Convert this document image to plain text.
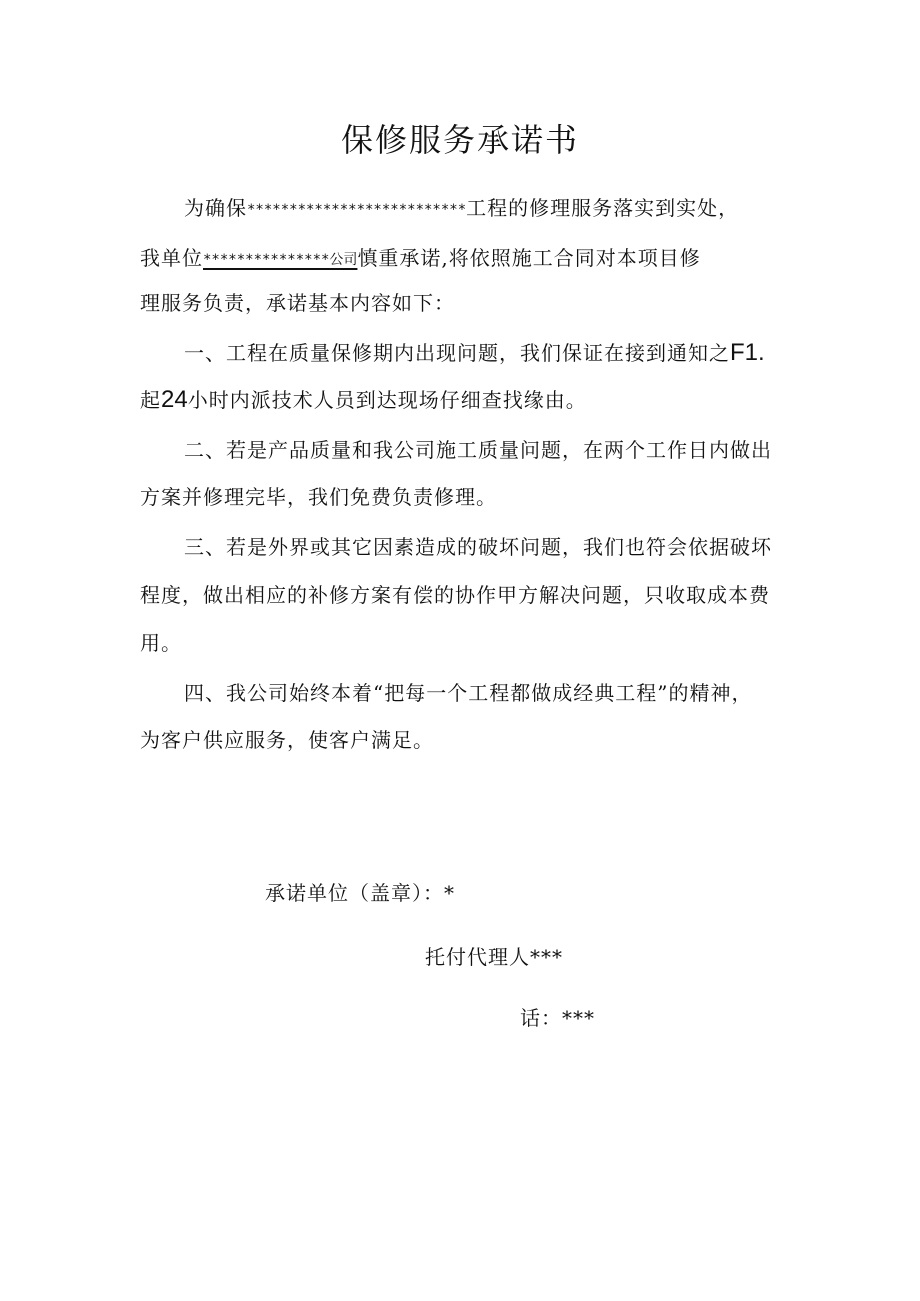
保修服务承诺书
为确保**************************工程的修理服务落实到实处，
我单位***************公司慎重承诺,将依照施工合同对本项目修
理服务负责，承诺基本内容如下：
一、工程在质量保修期内出现问题，我们保证在接到通知之F1.
起24小时内派技术人员到达现场仔细查找缘由。
二、若是产品质量和我公司施工质量问题，在两个工作日内做出
方案并修理完毕，我们免费负责修理。
三、若是外界或其它因素造成的破坏问题，我们也符会依据破坏
程度，做出相应的补修方案有偿的协作甲方解决问题，只收取成本费
用。
四、我公司始终本着“把每一个工程都做成经典工程”的精神，
为客户供应服务，使客户满足。
承诺单位（盖章）：*
托付代理人***
话：***
